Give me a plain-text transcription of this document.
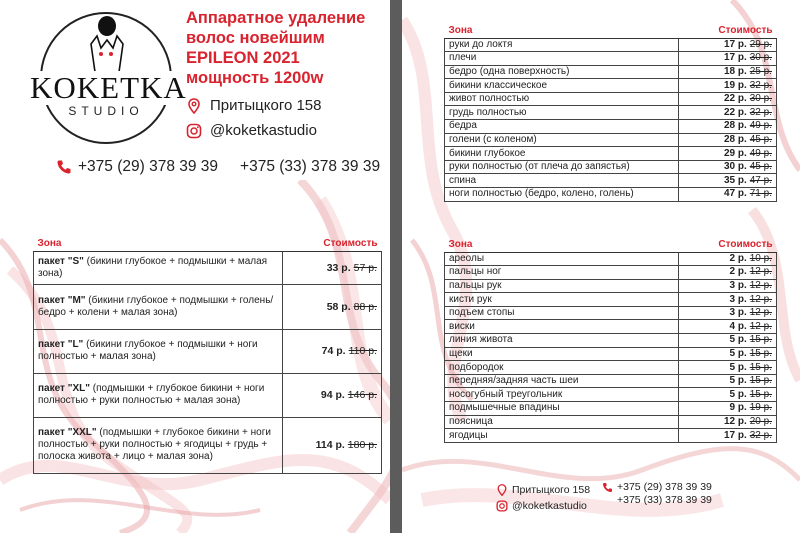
KOKETKA
STUDIO
Аппаратное удаление
волос новейшим
EPILEON 2021
мощность 1200w
Притыцкого 158
@koketkastudio
+375 (29) 378 39 39 +375 (33) 378 39 39
Зона	Стоимость
пакет "S" (бикини глубокое + подмышки + малая зона)	33 р. 57 р.
пакет "M" (бикини глубокое + подмышки + голень/бедро + колени + малая зона)	58 р. 88 р.
пакет "L" (бикини глубокое + подмышки + ноги полностью + малая зона)	74 р. 110 р.
пакет "XL" (подмышки + глубокое бикини + ноги полностью + руки полностью + малая зона)	94 р. 146 р.
пакет "XXL" (подмышки + глубокое бикини + ноги полностью + руки полностью + ягодицы + грудь + полоска живота + лицо + малая зона)	114 р. 180 р.
Зона	Стоимость
руки до локтя	17 р. 29 р.
плечи	17 р. 30 р.
бедро (одна поверхность)	18 р. 25 р.
бикини классическое	19 р. 32 р.
живот полностью	22 р. 30 р.
грудь полностью	22 р. 32 р.
бедра	28 р. 49 р.
голени (с коленом)	28 р. 45 р.
бикини глубокое	29 р. 49 р.
руки полностью (от плеча до запястья)	30 р. 45 р.
спина	35 р. 47 р.
ноги полностью (бедро, колено, голень)	47 р. 71 р.
Зона	Стоимость
ареолы	2 р. 10 р.
пальцы ног	2 р. 12 р.
пальцы рук	3 р. 12 р.
кисти рук	3 р. 12 р.
подъем стопы	3 р. 12 р.
виски	4 р. 12 р.
линия живота	5 р. 15 р.
щеки	5 р. 15 р.
подбородок	5 р. 15 р.
передняя/задняя часть шеи	5 р. 15 р.
носогубный треугольник	5 р. 15 р.
подмышечные впадины	9 р. 19 р.
поясница	12 р. 20 р.
ягодицы	17 р. 32 р.
Притыцкого 158
@koketkastudio
+375 (29) 378 39 39
+375 (33) 378 39 39
